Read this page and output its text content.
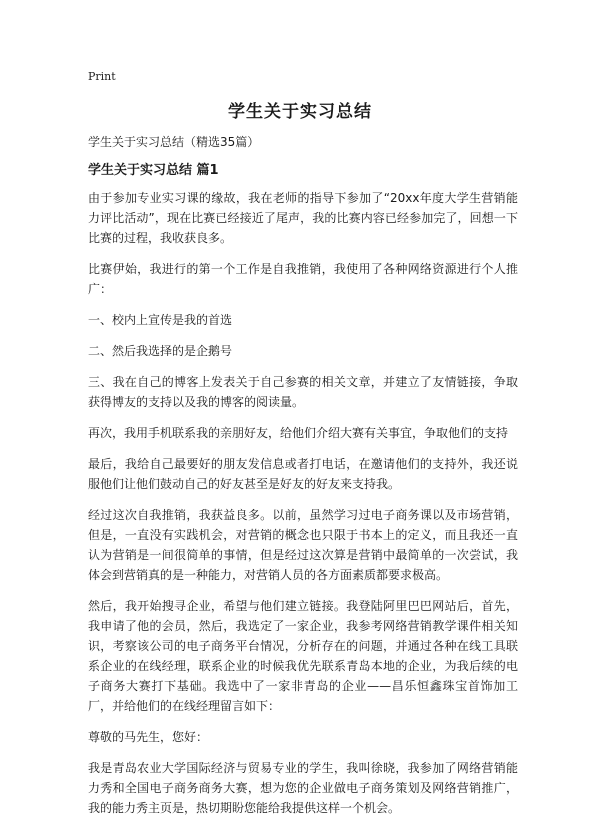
Print
学生关于实习总结

学生关于实习总结（精选35篇）

学生关于实习总结 篇1

由于参加专业实习课的缘故，我在老师的指导下参加了“20xx年度大学生营销能力评比活动”，现在比赛已经接近了尾声，我的比赛内容已经参加完了，回想一下比赛的过程，我收获良多。

比赛伊始，我进行的第一个工作是自我推销，我使用了各种网络资源进行个人推广：

一、校内上宣传是我的首选

二、然后我选择的是企鹅号

三、我在自己的博客上发表关于自己参赛的相关文章，并建立了友情链接，争取获得博友的支持以及我的博客的阅读量。

再次，我用手机联系我的亲朋好友，给他们介绍大赛有关事宜，争取他们的支持

最后，我给自己最要好的朋友发信息或者打电话，在邀请他们的支持外，我还说服他们让他们鼓动自己的好友甚至是好友的好友来支持我。

经过这次自我推销，我获益良多。以前，虽然学习过电子商务课以及市场营销，但是，一直没有实践机会，对营销的概念也只限于书本上的定义，而且我还一直认为营销是一间很简单的事情，但是经过这次算是营销中最简单的一次尝试，我体会到营销真的是一种能力，对营销人员的各方面素质都要求极高。

然后，我开始搜寻企业，希望与他们建立链接。我登陆阿里巴巴网站后，首先，我申请了他的会员，然后，我选定了一家企业，我参考网络营销教学课件相关知识，考察该公司的电子商务平台情况，分析存在的问题，并通过各种在线工具联系企业的在线经理，联系企业的时候我优先联系青岛本地的企业，为我后续的电子商务大赛打下基础。我选中了一家非青岛的企业——昌乐恒鑫珠宝首饰加工厂，并给他们的在线经理留言如下：

尊敬的马先生，您好：

我是青岛农业大学国际经济与贸易专业的学生，我叫徐晓，我参加了网络营销能力秀和全国电子商务商务大赛，想为您的企业做电子商务策划及网络营销推广，我的能力秀主页是，热切期盼您能给我提供这样一个机会。
